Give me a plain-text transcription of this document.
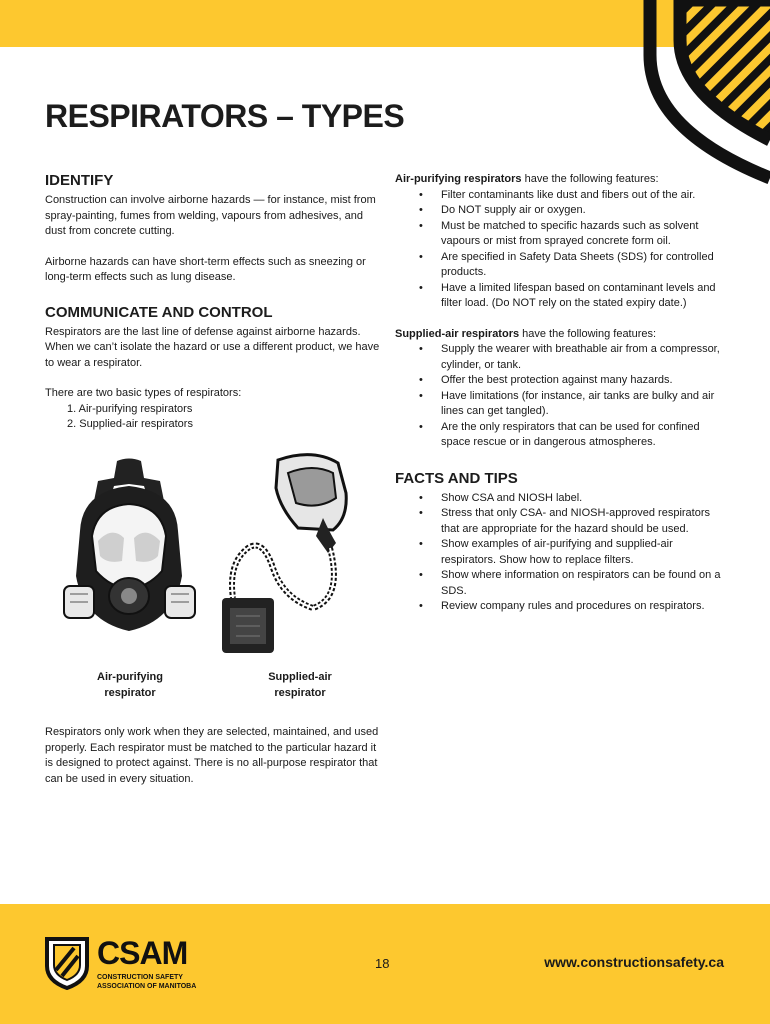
RESPIRATORS – TYPES
IDENTIFY

Construction can involve airborne hazards — for instance, mist from spray-painting, fumes from welding, vapours from adhesives, and dust from concrete cutting.

Airborne hazards can have short-term effects such as sneezing or long-term effects such as lung disease.

COMMUNICATE AND CONTROL

Respirators are the last line of defense against airborne hazards. When we can’t isolate the hazard or use a different product, we have to wear a respirator.

There are two basic types of respirators:

1. Air-purifying respirators
2. Supplied-air respirators
Air-purifying
respirator
Supplied-air
respirator

Respirators only work when they are selected, maintained, and used properly. Each respirator must be matched to the particular hazard it is designed to protect against. There is no all-purpose respirator that can be used in every situation.

Air-purifying respirators have the following features:

• Filter contaminants like dust and fibers out of the air.
• Do NOT supply air or oxygen.
• Must be matched to specific hazards such as solvent vapours or mist from sprayed concrete form oil.
• Are specified in Safety Data Sheets (SDS) for controlled products.
• Have a limited lifespan based on contaminant levels and filter load. (Do NOT rely on the stated expiry date.)

Supplied-air respirators have the following features:

• Supply the wearer with breathable air from a compressor, cylinder, or tank.
• Offer the best protection against many hazards.
• Have limitations (for instance, air tanks are bulky and air lines can get tangled).
• Are the only respirators that can be used for confined space rescue or in dangerous atmospheres.
FACTS AND TIPS
• Show CSA and NIOSH label.
• Stress that only CSA- and NIOSH-approved respirators that are appropriate for the hazard should be used.
• Show examples of air-purifying and supplied-air respirators. Show how to replace filters.
• Show where information on respirators can be found on a SDS.
• Review company rules and procedures on respirators.
CSAM
CONSTRUCTION SAFETY
ASSOCIATION OF MANITOBA
18	www.constructionsafety.ca
